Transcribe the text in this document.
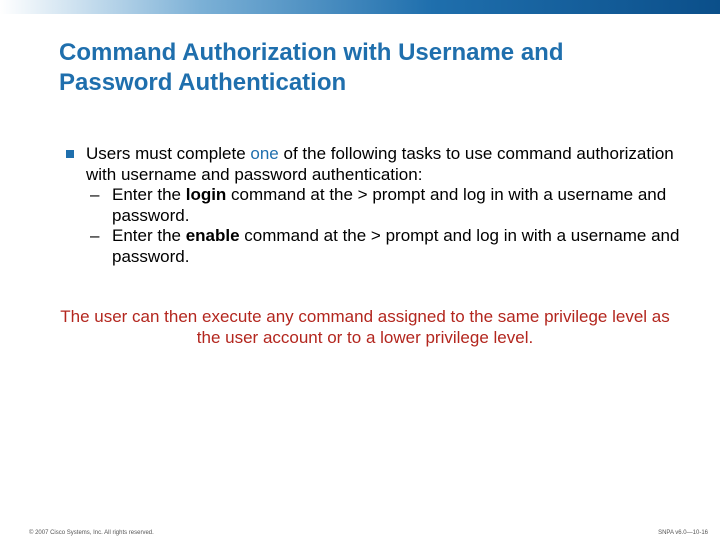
Command Authorization with Username and
Password Authentication
Users must complete one of the following tasks to use command authorization with username and password authentication:
– Enter the login command at the > prompt and log in with a username and password.
– Enter the enable command at the > prompt and log in with a username and password.
The user can then execute any command assigned to the same privilege level as the user account or to a lower privilege level.
© 2007 Cisco Systems, Inc. All rights reserved.	SNPA v6.0—10-16
